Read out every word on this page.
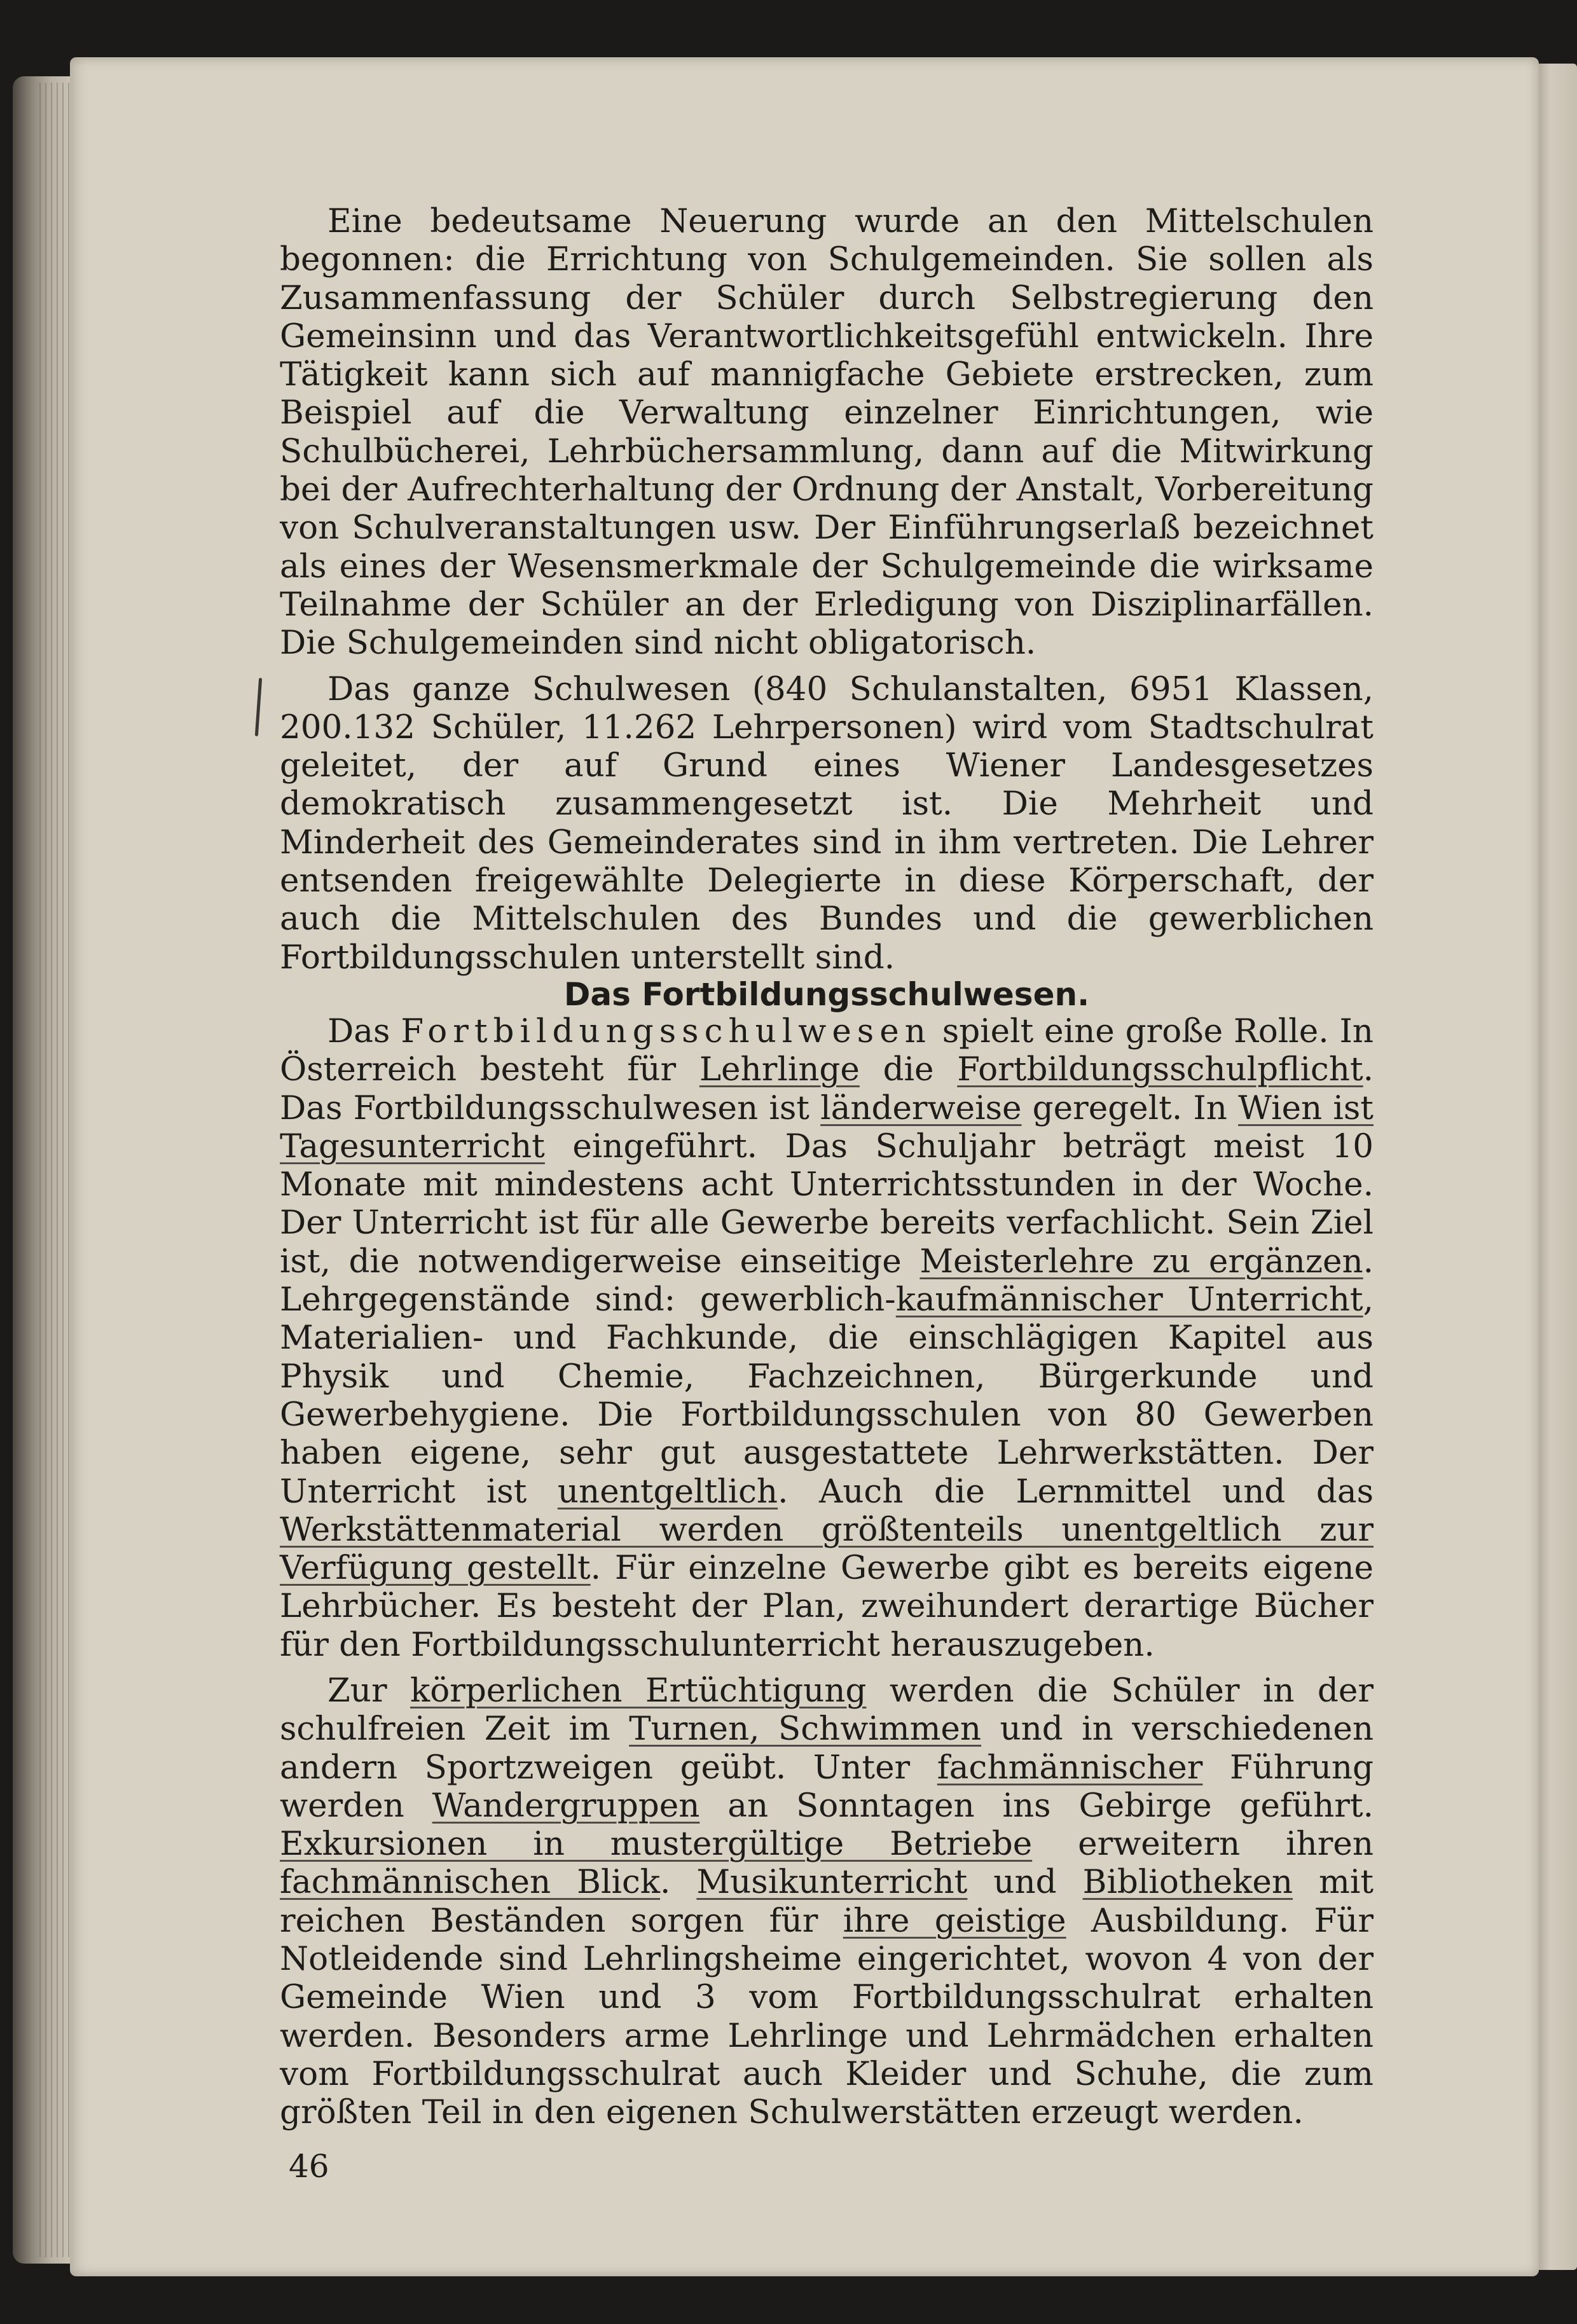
Eine bedeutsame Neuerung wurde an den Mittelschulen begonnen: die Errichtung von Schulgemeinden. Sie sollen als Zusammenfassung der Schüler durch Selbstregierung den Gemeinsinn und das Verantwortlichkeitsgefühl entwickeln. Ihre Tätigkeit kann sich auf mannigfache Gebiete erstrecken, zum Beispiel auf die Verwaltung einzelner Einrichtungen, wie Schulbücherei, Lehrbüchersammlung, dann auf die Mitwirkung bei der Aufrechterhaltung der Ordnung der Anstalt, Vorbereitung von Schulveranstaltungen usw. Der Einführungserlaß bezeichnet als eines der Wesensmerkmale der Schulgemeinde die wirksame Teilnahme der Schüler an der Erledigung von Disziplinarfällen. Die Schulgemeinden sind nicht obligatorisch.

Das ganze Schulwesen (840 Schulanstalten, 6951 Klassen, 200.132 Schüler, 11.262 Lehrpersonen) wird vom Stadtschulrat geleitet, der auf Grund eines Wiener Landesgesetzes demokratisch zusammengesetzt ist. Die Mehrheit und Minderheit des Gemeinderates sind in ihm vertreten. Die Lehrer entsenden freigewählte Delegierte in diese Körperschaft, der auch die Mittelschulen des Bundes und die gewerblichen Fortbildungsschulen unterstellt sind.

Das Fortbildungsschulwesen.

Das Fortbildungsschulwesen spielt eine große Rolle. In Österreich besteht für Lehrlinge die Fortbildungsschulpflicht. Das Fortbildungsschulwesen ist länderweise geregelt. In Wien ist Tagesunterricht eingeführt. Das Schuljahr beträgt meist 10 Monate mit mindestens acht Unterrichtsstunden in der Woche. Der Unterricht ist für alle Gewerbe bereits verfachlicht. Sein Ziel ist, die notwendigerweise einseitige Meisterlehre zu ergänzen. Lehrgegenstände sind: gewerblich-kaufmännischer Unterricht, Materialien- und Fachkunde, die einschlägigen Kapitel aus Physik und Chemie, Fachzeichnen, Bürgerkunde und Gewerbehygiene. Die Fortbildungsschulen von 80 Gewerben haben eigene, sehr gut ausgestattete Lehrwerkstätten. Der Unterricht ist unentgeltlich. Auch die Lernmittel und das Werkstättenmaterial werden größtenteils unentgeltlich zur Verfügung gestellt. Für einzelne Gewerbe gibt es bereits eigene Lehrbücher. Es besteht der Plan, zweihundert derartige Bücher für den Fortbildungsschulunterricht herauszugeben.

Zur körperlichen Ertüchtigung werden die Schüler in der schulfreien Zeit im Turnen, Schwimmen und in verschiedenen andern Sportzweigen geübt. Unter fachmännischer Führung werden Wandergruppen an Sonntagen ins Gebirge geführt. Exkursionen in mustergültige Betriebe erweitern ihren fachmännischen Blick. Musikunterricht und Bibliotheken mit reichen Beständen sorgen für ihre geistige Ausbildung. Für Notleidende sind Lehrlingsheime eingerichtet, wovon 4 von der Gemeinde Wien und 3 vom Fortbildungsschulrat erhalten werden. Besonders arme Lehrlinge und Lehrmädchen erhalten vom Fortbildungsschulrat auch Kleider und Schuhe, die zum größten Teil in den eigenen Schulwerstätten erzeugt werden.

46
